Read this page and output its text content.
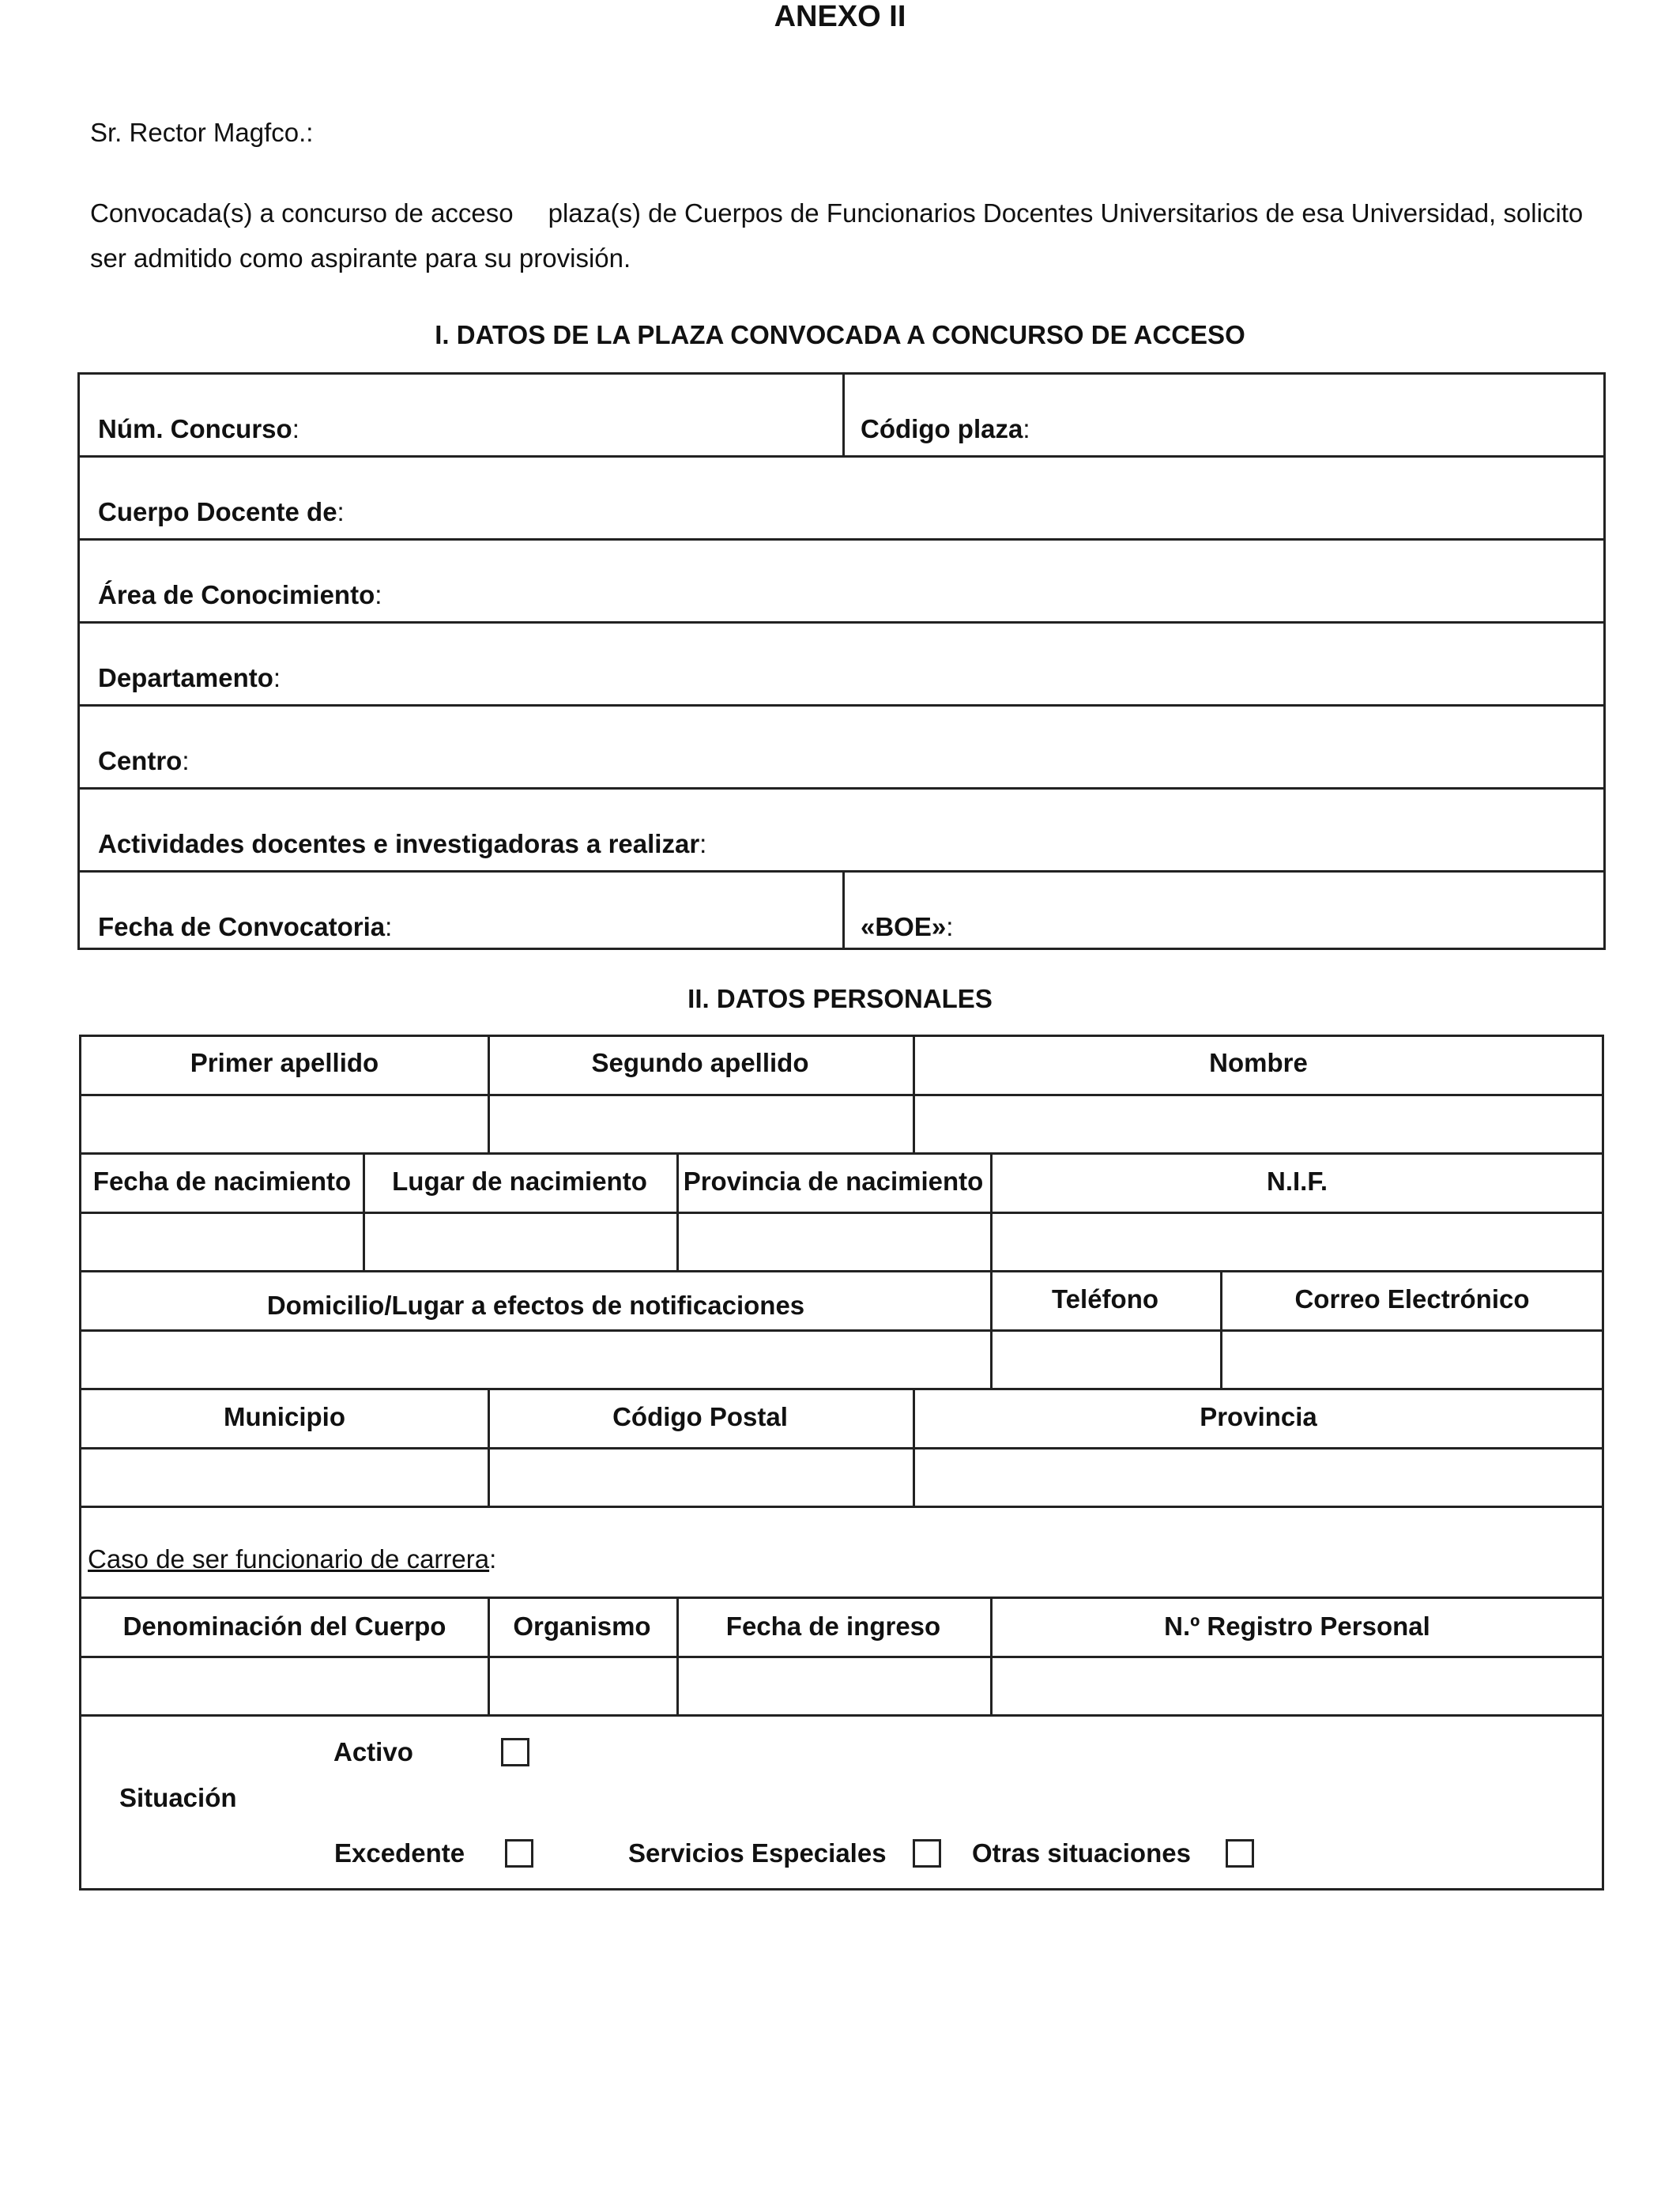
ANEXO II
Sr. Rector Magfco.:
Convocada(s) a concurso de acceso plaza(s) de Cuerpos de Funcionarios Docentes Universitarios de esa Universidad, solicito
ser admitido como aspirante para su provisión.
I. DATOS DE LA PLAZA CONVOCADA A CONCURSO DE ACCESO
Núm. Concurso:	Código plaza:
Cuerpo Docente de:
Área de Conocimiento:
Departamento:
Centro:
Actividades docentes e investigadoras a realizar:
Fecha de Convocatoria:	«BOE»:
II. DATOS PERSONALES
Primer apellido	Segundo apellido	Nombre
Fecha de nacimiento	Lugar de nacimiento	Provincia de nacimiento	N.I.F.
Domicilio/Lugar a efectos de notificaciones	Teléfono	Correo Electrónico
Municipio	Código Postal	Provincia
Caso de ser funcionario de carrera:
Denominación del Cuerpo	Organismo	Fecha de ingreso	N.º Registro Personal
Situación
Activo
Excedente	Servicios Especiales	Otras situaciones
